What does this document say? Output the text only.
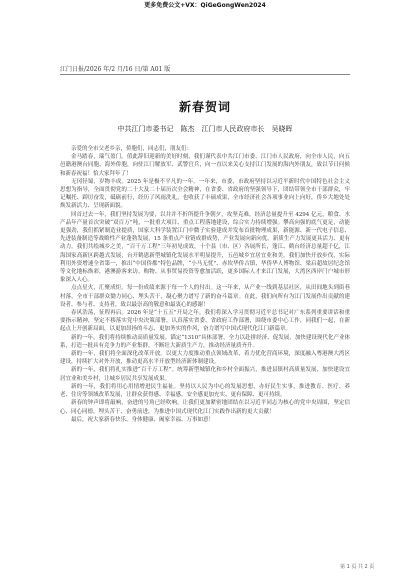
更多免费公文+VX：QiGeGongWen2024
江门日报/2026 年/2 月/16 日/第 A01 版
新春贺词
中共江门市委书记　陈杰　江门市人民政府市长　吴晓晖

亲爱的全市父老乡亲，侨胞们，同志们，朋友们：

金马踏春，瑞气盈门。值此辞旧迎新的美好时刻，我们谨代表中共江门市委、江门市人民政府，向全市人民，向五邑籍港澳台同胞、海外侨胞，向驻江门解放军、武警官兵，向一直以来关心支持江门发展的海内外朋友，致以节日问候和新春祝福！恰大家拜年了！

无冈径蜀，岁物丰成。2025 年是极不平凡的一年。一年来，市委、市政府坚持以习近平新时代中国特色社会主义思想为指导，全面贯彻党的二十大及二十届历次全会精神，在省委、省政府的坚强领导下，团结带领全市干部群众，牢记嘱托、踔厉奋发，砥砺前行，经历了风雨洗礼，也收获了丰硕成果，全市经济社会各项事业向上向好，侨乡大地处处焕发新活力、呈现新面貌。

回首过去一年，我们坚持发展为要，以并并不折所提升争朝夕，攻坚克难，经济总量提升至 4294 亿元，粮食、水产品年产量首次突破“双百万”吨，一批重大项目、重点工程落地建设，综合实力持续增强。攀高向强的底气更足，动能更强劲，我们抓紧制造业提质，国家大科学装置江门中微子实验建成并发布首批物理成果，新能源、新一代电子信息、先进装备制造等战略性产业蓬勃发展，15 条重点产业链成群成势，产业发展向新向优。新质生产力发展更具活力、更有动力。我们共绘城乡之美，“百千万工程”三年初见成效，十个县（市、区）各展所长，蓬江、鹤台经济总量超千亿，江海国家高新区跨越式发展，台开鹤恩新型城镇化发展水平明显提升，五邑城乡宜居宜业和美。我们加快开放步伐，实际利用外资增速全省第一，推出“中国侨都”特色品牌，“小马无忧”、赤坎华侨古镇、华侨华人博物馆、梁启超故居纪念馆等文化地标焕彩，港澳游客来访、购物、从事贸易投资等愈加活跃，更多国际人才来江门发展，大湾区西岸门户城市形象深入人心。

点点星火，汇聚成炬。每一份成绩来源于每一个人的付出。这一年来，从产业一线到基层社区，从田间地头到街巷村落，全市干部群众勠力同心、埋头苦干，凝心聚力谱写了新的奋斗篇章。在此，我们向所有为江门发展作出贡献的建设者、参与者、支持者，致以最崇高的敬意和最衷心的感谢！

春风浩荡，征程再启。2026 年是“十五五”开局之年。我们将深入学习贯彻习近平总书记对广东系列重要讲话和重要指示精神，坚定不移落实党中央决策部署，认真落实省委、省政府工作部署，围绕市委中心工作，同我们一起，在新起点上开创新局面，以更加昂扬的斗志、更加务实的作风，奋力谱写中国式现代化江门新篇章。

新的一年，我们将持续推动高质量发展。锚定“1310”具体部署，全力以赴拼经济、促发展，加快建设现代化产业体系，打造一批具有竞争力的产业集群，不断壮大新质生产力，推动经济量质齐升。

新的一年，我们将全面深化改革开放。以更大力度推动重点领域改革，着力优化营商环境，深度融入粤港澳大湾区建设，持续扩大对外开放，推动更高水平开放型经济新体制建设。

新的一年，我们将扎实推进“百千万工程”。统筹新型城镇化和乡村全面振兴，推进县镇村高质量发展，加快建设宜居宜业和美乡村，让城乡居民共享发展成果。

新的一年，我们将用心用情增进民生福祉。坚持以人民为中心的发展思想，办好民生实事，推进教育、医疗、养老、住房等领域改革发展，让群众获得感、幸福感、安全感更加充实、更有保障、更可持续。

新春的钟声即将敲响，奋进的号角已经吹响。让我们更加紧密地团结在以习近平同志为核心的党中央周围，坚定信心、同心同德，埋头苦干、奋勇前进，为推进中国式现代化江门实践作出新的更大贡献！

最后，祝大家新春快乐、身体健康、阖家幸福、万事如意！

第 1 页 共 2 页
